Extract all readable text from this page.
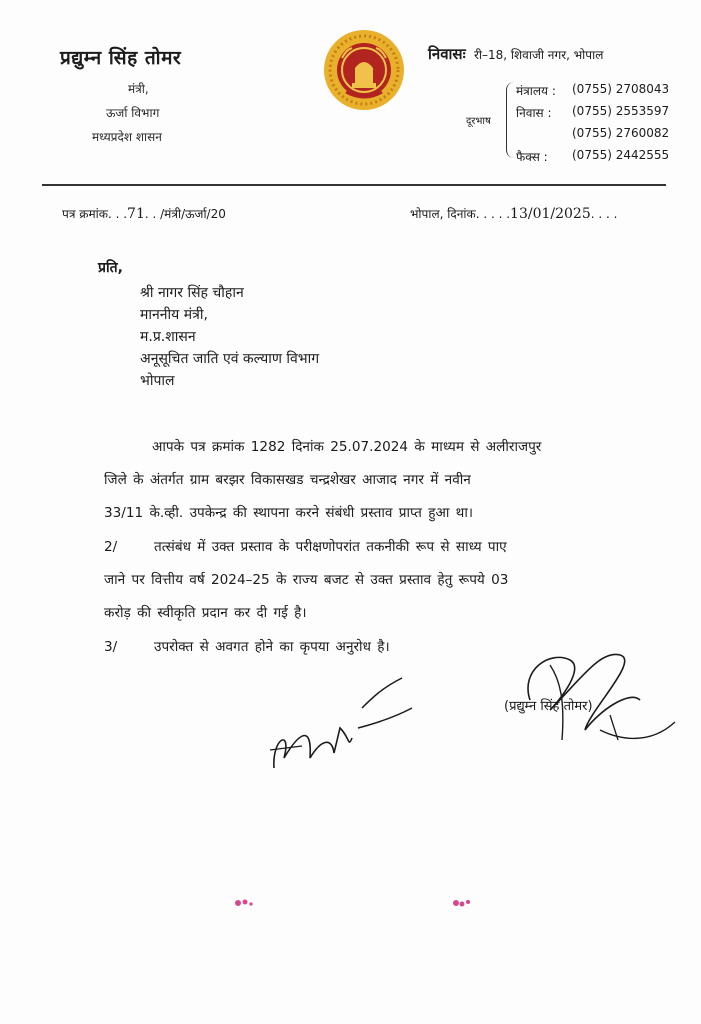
प्रद्युम्न सिंह तोमर
मंत्री,
ऊर्जा विभाग
मध्यप्रदेश शासन
निवासः री–18, शिवाजी नगर, भोपाल
दूरभाष
मंत्रालय :	(0755) 2708043
निवास :	(0755) 2553597
(0755) 2760082
फैक्स :	(0755) 2442555
पत्र क्रमांक. . .71. . /मंत्री/ऊर्जा/20	भोपाल, दिनांक. . . . .13/01/2025. . . .
प्रति,
श्री नागर सिंह चौहान
माननीय मंत्री,
म.प्र.शासन
अनूसूचित जाति एवं कल्याण विभाग
भोपाल
आपके पत्र क्रमांक 1282 दिनांक 25.07.2024 के माध्यम से अलीराजपुर
जिले के अंतर्गत ग्राम बरझर विकासखड चन्द्रशेखर आजाद नगर में नवीन
33/11 के.व्ही. उपकेन्द्र की स्थापना करने संबंधी प्रस्ताव प्राप्त हुआ था।
2/	तत्संबंध में उक्त प्रस्ताव के परीक्षणोपरांत तकनीकी रूप से साध्य पाए
जाने पर वित्तीय वर्ष 2024–25 के राज्य बजट से उक्त प्रस्ताव हेतु रूपये 03
करोड़ की स्वीकृति प्रदान कर दी गई है।
3/	उपरोक्त से अवगत होने का कृपया अनुरोध है।
(प्रद्युम्न सिंह तोमर)
